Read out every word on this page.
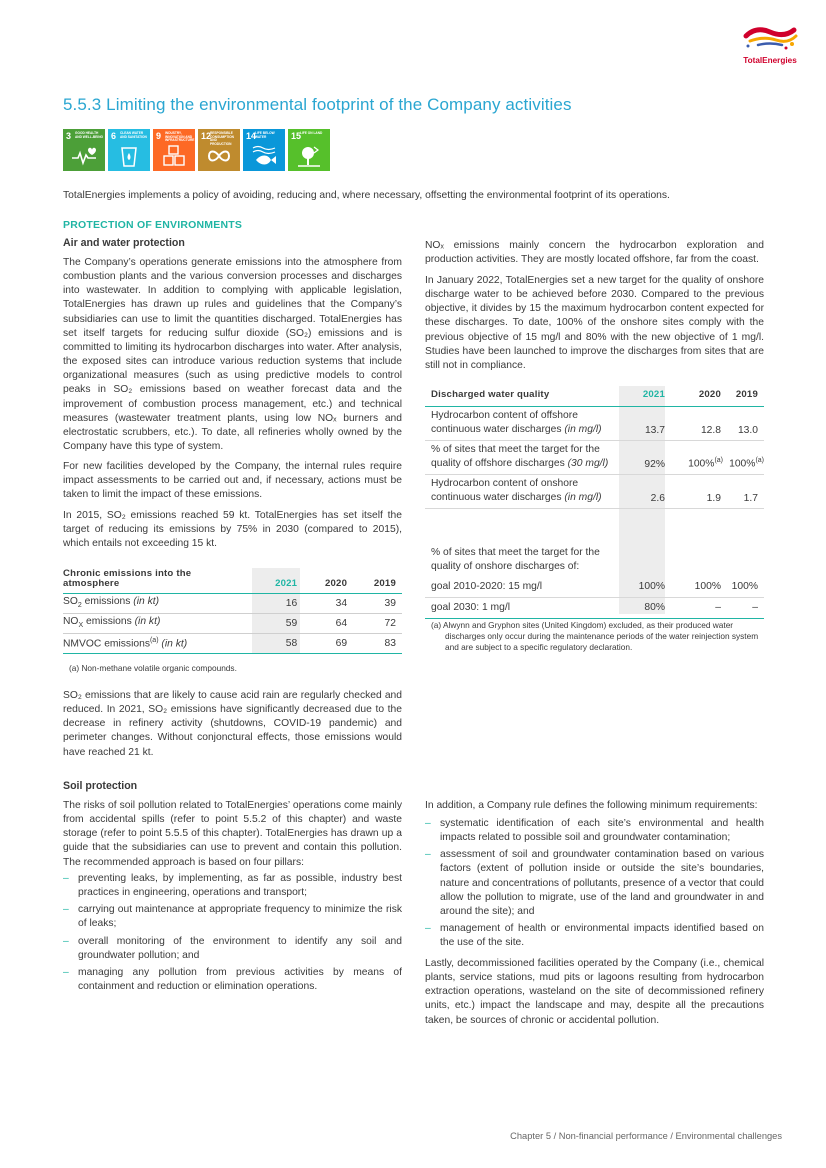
TotalEnergies
5.5.3 Limiting the environmental footprint of the Company activities
3 GOOD HEALTH AND WELL-BEING 6 CLEAN WATER AND SANITATION 9 INDUSTRY, INNOVATION AND INFRASTRUCTURE 12
RESPONSIBLE CONSUMPTION AND PRODUCTION
14
LIFE BELOW WATER	15
LIFE ON LAND

TotalEnergies implements a policy of avoiding, reducing and, where necessary, offsetting the environmental footprint of its operations.

PROTECTION OF ENVIRONMENTS
Air and water protection

The Company’s operations generate emissions into the atmosphere from combustion plants and the various conversion processes and discharges into wastewater. In addition to complying with applicable legislation, TotalEnergies has drawn up rules and guidelines that the Company’s subsidiaries can use to limit the quantities discharged. TotalEnergies has set itself targets for reducing sulfur dioxide (SO₂) emissions and is committed to limiting its hydrocarbon discharges into water. After analysis, the exposed sites can introduce various reduction systems that include organizational measures (such as using predictive models to control peaks in SO₂ emissions based on weather forecast data and the improvement of combustion process management, etc.) and technical measures (wastewater treatment plants, using low NOₓ burners and electrostatic scrubbers, etc.). To date, all refineries wholly owned by the Company have this type of system.

For new facilities developed by the Company, the internal rules require impact assessments to be carried out and, if necessary, actions must be taken to limit the impact of these emissions.

In 2015, SO₂ emissions reached 59 kt. TotalEnergies has set itself the target of reducing its emissions by 75% in 2030 (compared to 2015), which entails not exceeding 15 kt.

Chronic emissions into the
atmosphere	2021	2020	2019
$SO_2$ emissions (in kt)	16	34	39
$NO_X$ emissions (in kt)	59	64	72
NMVOC emissions$^{(a)}$ (in kt)	58	69	83
(a) Non-methane volatile organic compounds.

SO₂ emissions that are likely to cause acid rain are regularly checked and reduced. In 2021, SO₂ emissions have significantly decreased due to the decrease in refinery activity (shutdowns, COVID-19 pandemic) and perimeter changes. Without conjonctural effects, those emissions would have reached 21 kt.

NOₓ emissions mainly concern the hydrocarbon exploration and production activities. They are mostly located offshore, far from the coast.

In January 2022, TotalEnergies set a new target for the quality of onshore discharge water to be achieved before 2030. Compared to the previous objective, it divides by 15 the maximum hydrocarbon content expected for these discharges. To date, 100% of the onshore sites comply with the previous objective of 15 mg/l and 80% with the new objective of 1 mg/l. Studies have been launched to improve the discharges from sites that are still not in compliance.

Discharged water quality	2021	2020	2019
Hydrocarbon content of offshore
continuous water discharges (in mg/l)	13.7	12.8	13.0
% of sites that meet the target for the
quality of offshore discharges (30 mg/l)	92%	100%$^{(a)}$	100%$^{(a)}$
Hydrocarbon content of onshore
continuous water discharges (in mg/l)	2.6	1.9	1.7
% of sites that meet the target for the
quality of onshore discharges of:			
goal 2010-2020: 15 mg/l	100%	100%	100%
goal 2030: 1 mg/l	80%	–	–
(a) Alwynn and Gryphon sites (United Kingdom) excluded, as their produced water discharges only occur during the maintenance periods of the water reinjection system and are subject to a specific regulatory declaration.
Soil protection

The risks of soil pollution related to TotalEnergies’ operations come mainly from accidental spills (refer to point 5.5.2 of this chapter) and waste storage (refer to point 5.5.5 of this chapter). TotalEnergies has drawn up a guide that the subsidiaries can use to prevent and contain this pollution. The recommended approach is based on four pillars:

– preventing leaks, by implementing, as far as possible, industry best practices in engineering, operations and transport;
– carrying out maintenance at appropriate frequency to minimize the risk of leaks;
– overall monitoring of the environment to identify any soil and groundwater pollution; and
– managing any pollution from previous activities by means of containment and reduction or elimination operations.

In addition, a Company rule defines the following minimum requirements:

– systematic identification of each site’s environmental and health impacts related to possible soil and groundwater contamination;
– assessment of soil and groundwater contamination based on various factors (extent of pollution inside or outside the site’s boundaries, nature and concentrations of pollutants, presence of a vector that could allow the pollution to migrate, use of the land and groundwater in and around the site); and
– management of health or environmental impacts identified based on the use of the site.

Lastly, decommissioned facilities operated by the Company (i.e., chemical plants, service stations, mud pits or lagoons resulting from hydrocarbon extraction operations, wasteland on the site of decommissioned refinery units, etc.) impact the landscape and may, despite all the precautions taken, be sources of chronic or accidental pollution.

Chapter 5 / Non-financial performance / Environmental challenges
